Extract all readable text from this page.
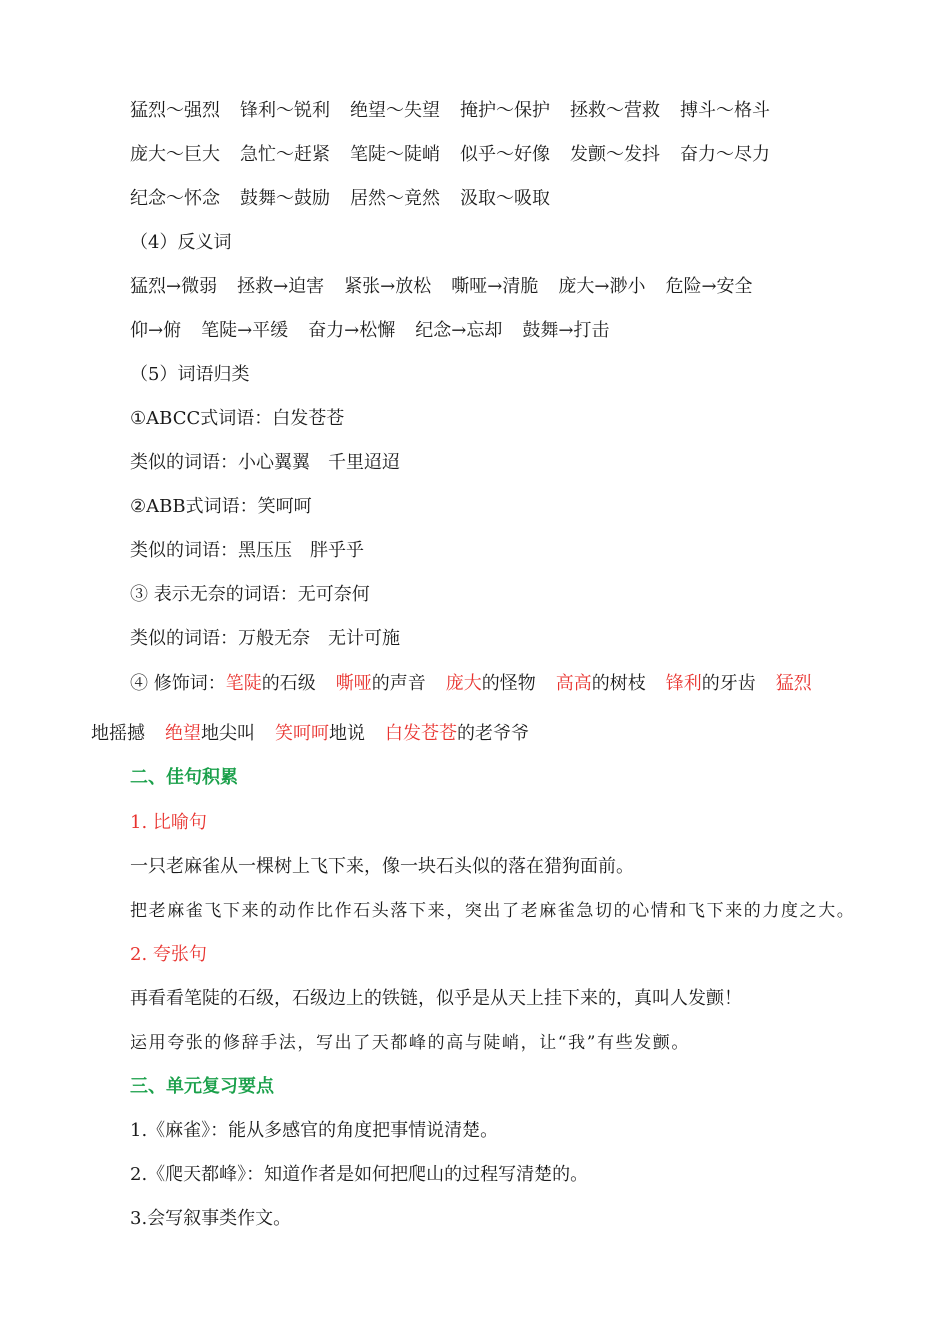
猛烈～强烈 锋利～锐利 绝望～失望 掩护～保护 拯救～营救 搏斗～格斗
庞大～巨大 急忙～赶紧 笔陡～陡峭 似乎～好像 发颤～发抖 奋力～尽力
纪念～怀念 鼓舞～鼓励 居然～竟然 汲取～吸取
（4）反义词
猛烈→微弱 拯救→迫害 紧张→放松 嘶哑→清脆 庞大→渺小 危险→安全
仰→俯 笔陡→平缓 奋力→松懈 纪念→忘却 鼓舞→打击
（5）词语归类
①ABCC式词语：白发苍苍
类似的词语：小心翼翼　千里迢迢
②ABB式词语：笑呵呵
类似的词语：黑压压　胖乎乎
③ 表示无奈的词语：无可奈何
类似的词语：万般无奈　无计可施
④ 修饰词：笔陡的石级 嘶哑的声音 庞大的怪物 高高的树枝 锋利的牙齿 猛烈
地摇撼 绝望地尖叫 笑呵呵地说 白发苍苍的老爷爷
二、佳句积累
1. 比喻句
一只老麻雀从一棵树上飞下来，像一块石头似的落在猎狗面前。
把老麻雀飞下来的动作比作石头落下来，突出了老麻雀急切的心情和飞下来的力度之大。
2. 夸张句
再看看笔陡的石级，石级边上的铁链，似乎是从天上挂下来的，真叫人发颤！
运用夸张的修辞手法，写出了天都峰的高与陡峭，让“我”有些发颤。
三、单元复习要点
1.《麻雀》：能从多感官的角度把事情说清楚。
2.《爬天都峰》：知道作者是如何把爬山的过程写清楚的。
3.会写叙事类作文。
